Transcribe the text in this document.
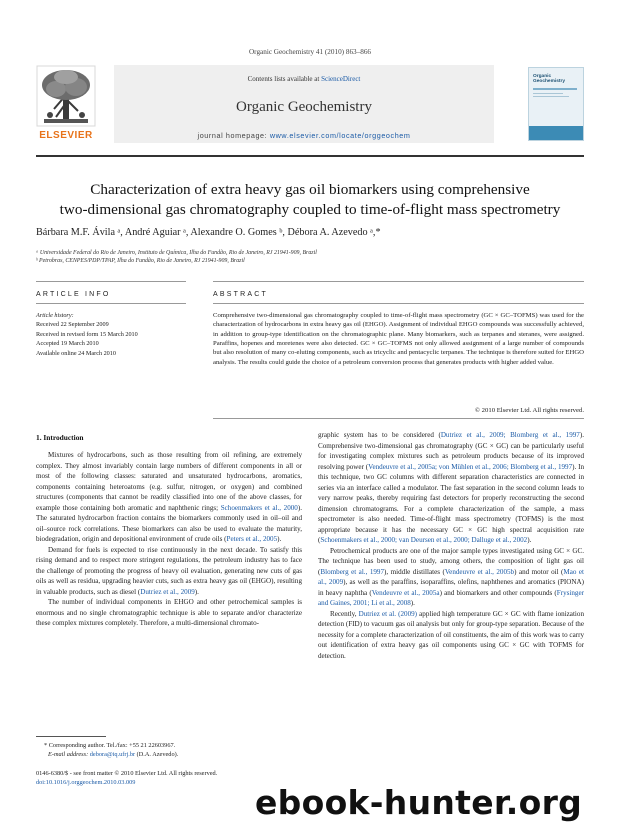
Organic Geochemistry 41 (2010) 863–866
ELSEVIER
Contents lists available at ScienceDirect
Organic Geochemistry
journal homepage: www.elsevier.com/locate/orggeochem
Organic
Geochemistry
Characterization of extra heavy gas oil biomarkers using comprehensive
two-dimensional gas chromatography coupled to time-of-flight mass spectrometry
Bárbara M.F. Ávila ᵃ, André Aguiar ᵃ, Alexandre O. Gomes ᵇ, Débora A. Azevedo ᵃ,*
ᵃ Universidade Federal do Rio de Janeiro, Instituto de Química, Ilha do Fundão, Rio de Janeiro, RJ 21941-909, Brazil
ᵇ Petrobras, CENPES/PDP/TPAP, Ilha do Fundão, Rio de Janeiro, RJ 21941-909, Brazil
ARTICLE INFO	ABSTRACT
Article history:
Received 22 September 2009
Received in revised form 15 March 2010
Accepted 19 March 2010
Available online 24 March 2010
Comprehensive two-dimensional gas chromatography coupled to time-of-flight mass spectrometry (GC × GC–TOFMS) was used for the characterization of hydrocarbons in extra heavy gas oil (EHGO). Assignment of individual EHGO compounds was successfully achieved, in addition to group-type identification on the chromatographic plane. Many biomarkers, such as terpanes and steranes, were assigned. Paraffins, hopenes and moretenes were also detected. GC × GC–TOFMS not only allowed assignment of a large number of compounds but also resolution of many co-eluting components, such as tricyclic and pentacyclic terpanes. The technique is therefore suited for EHGO analysis. The results could guide the choice of a petroleum conversion process that generates products with higher added value.
© 2010 Elsevier Ltd. All rights reserved.
1. Introduction

Mixtures of hydrocarbons, such as those resulting from oil refining, are extremely complex. They almost invariably contain large numbers of different components in all or most of the following classes: saturated and unsaturated hydrocarbons, aromatics, components containing heteroatoms (e.g. sulfur, nitrogen, or oxygen) and combined structures (components that cannot be readily classified into one of the above classes, for example those containing both aromatic and naphthenic rings; Schoenmakers et al., 2000). The saturated hydrocarbon fraction contains the biomarkers commonly used in oil–oil and oil–source rock correlations. These biomarkers can also be used to evaluate the maturity, biodegradation, origin and depositional environment of crude oils (Peters et al., 2005).

Demand for fuels is expected to rise continuously in the next decade. To satisfy this rising demand and to respect more stringent regulations, the petroleum industry has to face the challenge of promoting the progress of heavy oil evaluation, generating new cuts of gas oils as well as residua, upgrading heavier cuts, such as extra heavy gas oil (EHGO), resulting in valuable products, such as diesel (Dutriez et al., 2009).

The number of individual components in EHGO and other petrochemical samples is enormous and no single chromatographic technique is able to separate and/or characterize these complex mixtures completely. Therefore, a multi-dimensional chromato-

graphic system has to be considered (Dutriez et al., 2009; Blomberg et al., 1997). Comprehensive two-dimensional gas chromatography (GC × GC) can be particularly useful for investigating complex mixtures such as petroleum products because of its improved resolving power (Vendeuvre et al., 2005a; von Mühlen et al., 2006; Blomberg et al., 1997). In this technique, two GC columns with different separation characteristics are connected in series via an interface called a modulator. The fast separation in the second column leads to very narrow peaks, thereby requiring fast detectors for properly reconstructing the second dimension chromatograms. For a complete characterization of the sample, a mass spectrometer is also needed. Time-of-flight mass spectrometry (TOFMS) is the most appropriate because it has the necessary GC × GC high spectral acquisition rate (Schoenmakers et al., 2000; van Deursen et al., 2000; Dalluge et al., 2002).

Petrochemical products are one of the major sample types investigated using GC × GC. The technique has been used to study, among others, the composition of light gas oil (Blomberg et al., 1997), middle distillates (Vendeuvre et al., 2005b) and motor oil (Mao et al., 2009), as well as the paraffins, isoparaffins, olefins, naphthenes and aromatics (PIONA) in heavy naphtha (Vendeuvre et al., 2005a) and biomarkers and other compounds (Frysinger and Gaines, 2001; Li et al., 2008).

Recently, Dutriez et al. (2009) applied high temperature GC × GC with flame ionization detection (FID) to vacuum gas oil analysis but only for group-type separation. Because of the necessity for a complete characterization of oil constituents, the aim of this work was to carry out identification of extra heavy gas oil components using GC × GC with TOFMS for detection.

* Corresponding author. Tel./fax: +55 21 22603967.
E-mail address: debora@iq.ufrj.br (D.A. Azevedo).
0146-6380/$ - see front matter © 2010 Elsevier Ltd. All rights reserved.
doi:10.1016/j.orggeochem.2010.03.009
ebook-hunter.org
